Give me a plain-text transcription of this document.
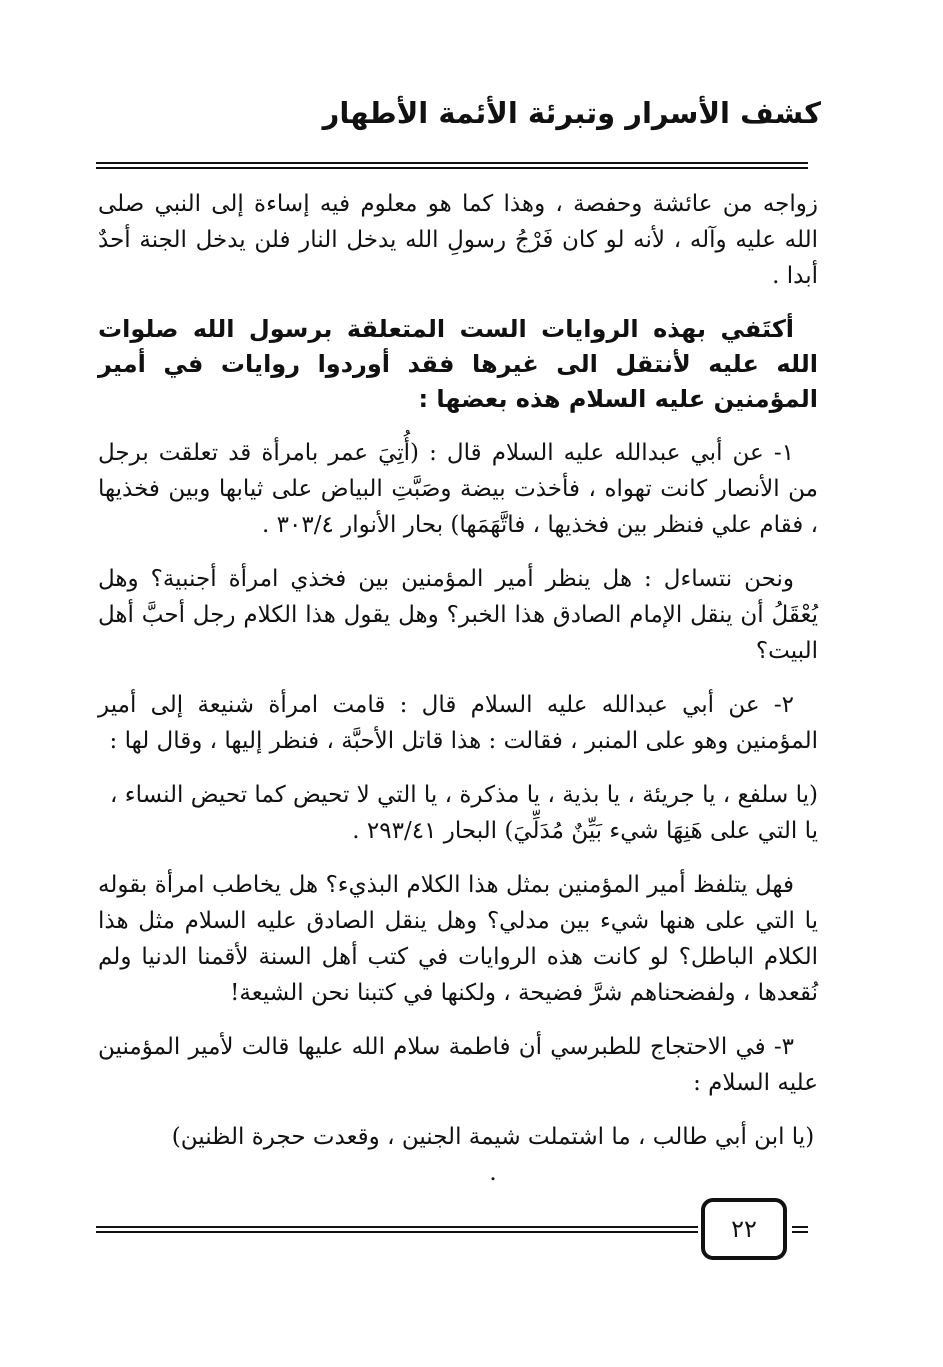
كشف الأسرار وتبرئة الأئمة الأطهار

زواجه من عائشة وحفصة ، وهذا كما هو معلوم فيه إساءة إلى النبي صلى الله عليه وآله ، لأنه لو كان فَرْجُ رسولِ الله يدخل النار فلن يدخل الجنة أحدٌ أبدا .

أكتَفي بهذه الروايات الست المتعلقة برسول الله صلوات الله عليه لأنتقل الى غيرها فقد أوردوا روايات في أمير المؤمنين عليه السلام هذه بعضها :

١- عن أبي عبدالله عليه السلام قال : (أُتِيَ عمر بامرأة قد تعلقت برجل من الأنصار كانت تهواه ، فأخذت بيضة وصَبَّتِ البياض على ثيابها وبين فخذيها ، فقام علي فنظر بين فخذيها ، فاتَّهَمَها) بحار الأنوار ٣٠٣/٤ .

ونحن نتساءل : هل ينظر أمير المؤمنين بين فخذي امرأة أجنبية؟ وهل يُعْقَلُ أن ينقل الإمام الصادق هذا الخبر؟ وهل يقول هذا الكلام رجل أحبَّ أهل البيت؟

٢- عن أبي عبدالله عليه السلام قال : قامت امرأة شنيعة إلى أمير المؤمنين وهو على المنبر ، فقالت : هذا قاتل الأحبَّة ، فنظر إليها ، وقال لها :

(يا سلفع ، يا جريئة ، يا بذية ، يا مذكرة ، يا التي لا تحيض كما تحيض النساء ، يا التي على هَنِهَا شيء بَيِّنٌ مُدَلِّيَ) البحار ٢٩٣/٤١ .

فهل يتلفظ أمير المؤمنين بمثل هذا الكلام البذيء؟ هل يخاطب امرأة بقوله يا التي على هنها شيء بين مدلي؟ وهل ينقل الصادق عليه السلام مثل هذا الكلام الباطل؟ لو كانت هذه الروايات في كتب أهل السنة لأقمنا الدنيا ولم نُقعدها ، ولفضحناهم شرَّ فضيحة ، ولكنها في كتبنا نحن الشيعة!

٣- في الاحتجاج للطبرسي أن فاطمة سلام الله عليها قالت لأمير المؤمنين عليه السلام :

(يا ابن أبي طالب ، ما اشتملت شيمة الجنين ، وقعدت حجرة الظنين) .

٢٢
